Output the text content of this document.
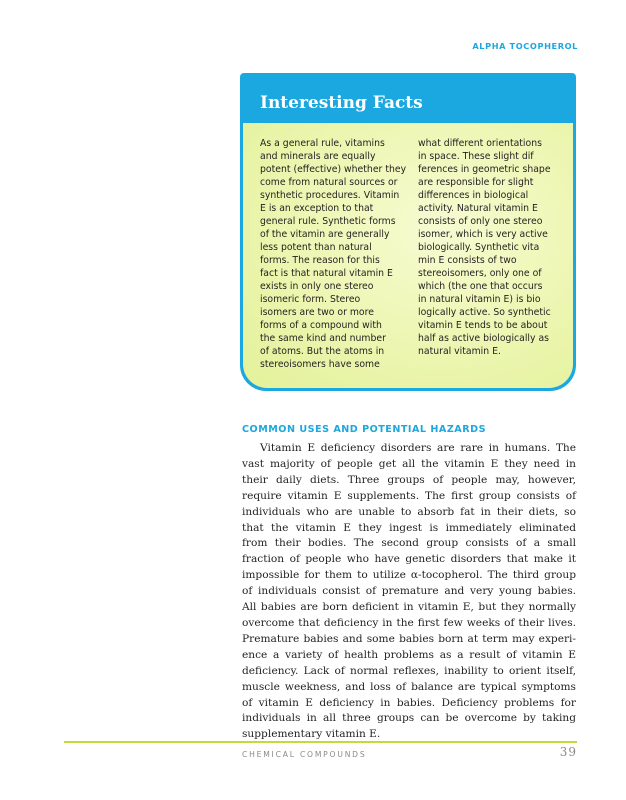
ALPHA TOCOPHEROL
Interesting Facts
As a general rule, vitamins
and minerals are equally
potent (effective) whether they
come from natural sources or
synthetic procedures. Vitamin
E is an exception to that
general rule. Synthetic forms
of the vitamin are generally
less potent than natural
forms. The reason for this
fact is that natural vitamin E
exists in only one stereo
isomeric form. Stereo
isomers are two or more
forms of a compound with
the same kind and number
of atoms. But the atoms in
stereoisomers have some
what different orientations
in space. These slight dif
ferences in geometric shape
are responsible for slight
differences in biological
activity. Natural vitamin E
consists of only one stereo
isomer, which is very active
biologically. Synthetic vita
min E consists of two
stereoisomers, only one of
which (the one that occurs
in natural vitamin E) is bio
logically active. So synthetic
vitamin E tends to be about
half as active biologically as
natural vitamin E.
COMMON USES AND POTENTIAL HAZARDS
Vitamin E deficiency disorders are rare in humans. The
vast majority of people get all the vitamin E they need in
their daily diets. Three groups of people may, however,
require vitamin E supplements. The first group consists of
individuals who are unable to absorb fat in their diets, so
that the vitamin E they ingest is immediately eliminated
from their bodies. The second group consists of a small
fraction of people who have genetic disorders that make it
impossible for them to utilize α-tocopherol. The third group
of individuals consist of premature and very young babies.
All babies are born deficient in vitamin E, but they normally
overcome that deficiency in the first few weeks of their lives.
Premature babies and some babies born at term may experi-
ence a variety of health problems as a result of vitamin E
deficiency. Lack of normal reflexes, inability to orient itself,
muscle weekness, and loss of balance are typical symptoms
of vitamin E deficiency in babies. Deficiency problems for
individuals in all three groups can be overcome by taking
supplementary vitamin E.
CHEMICAL COMPOUNDS	39
